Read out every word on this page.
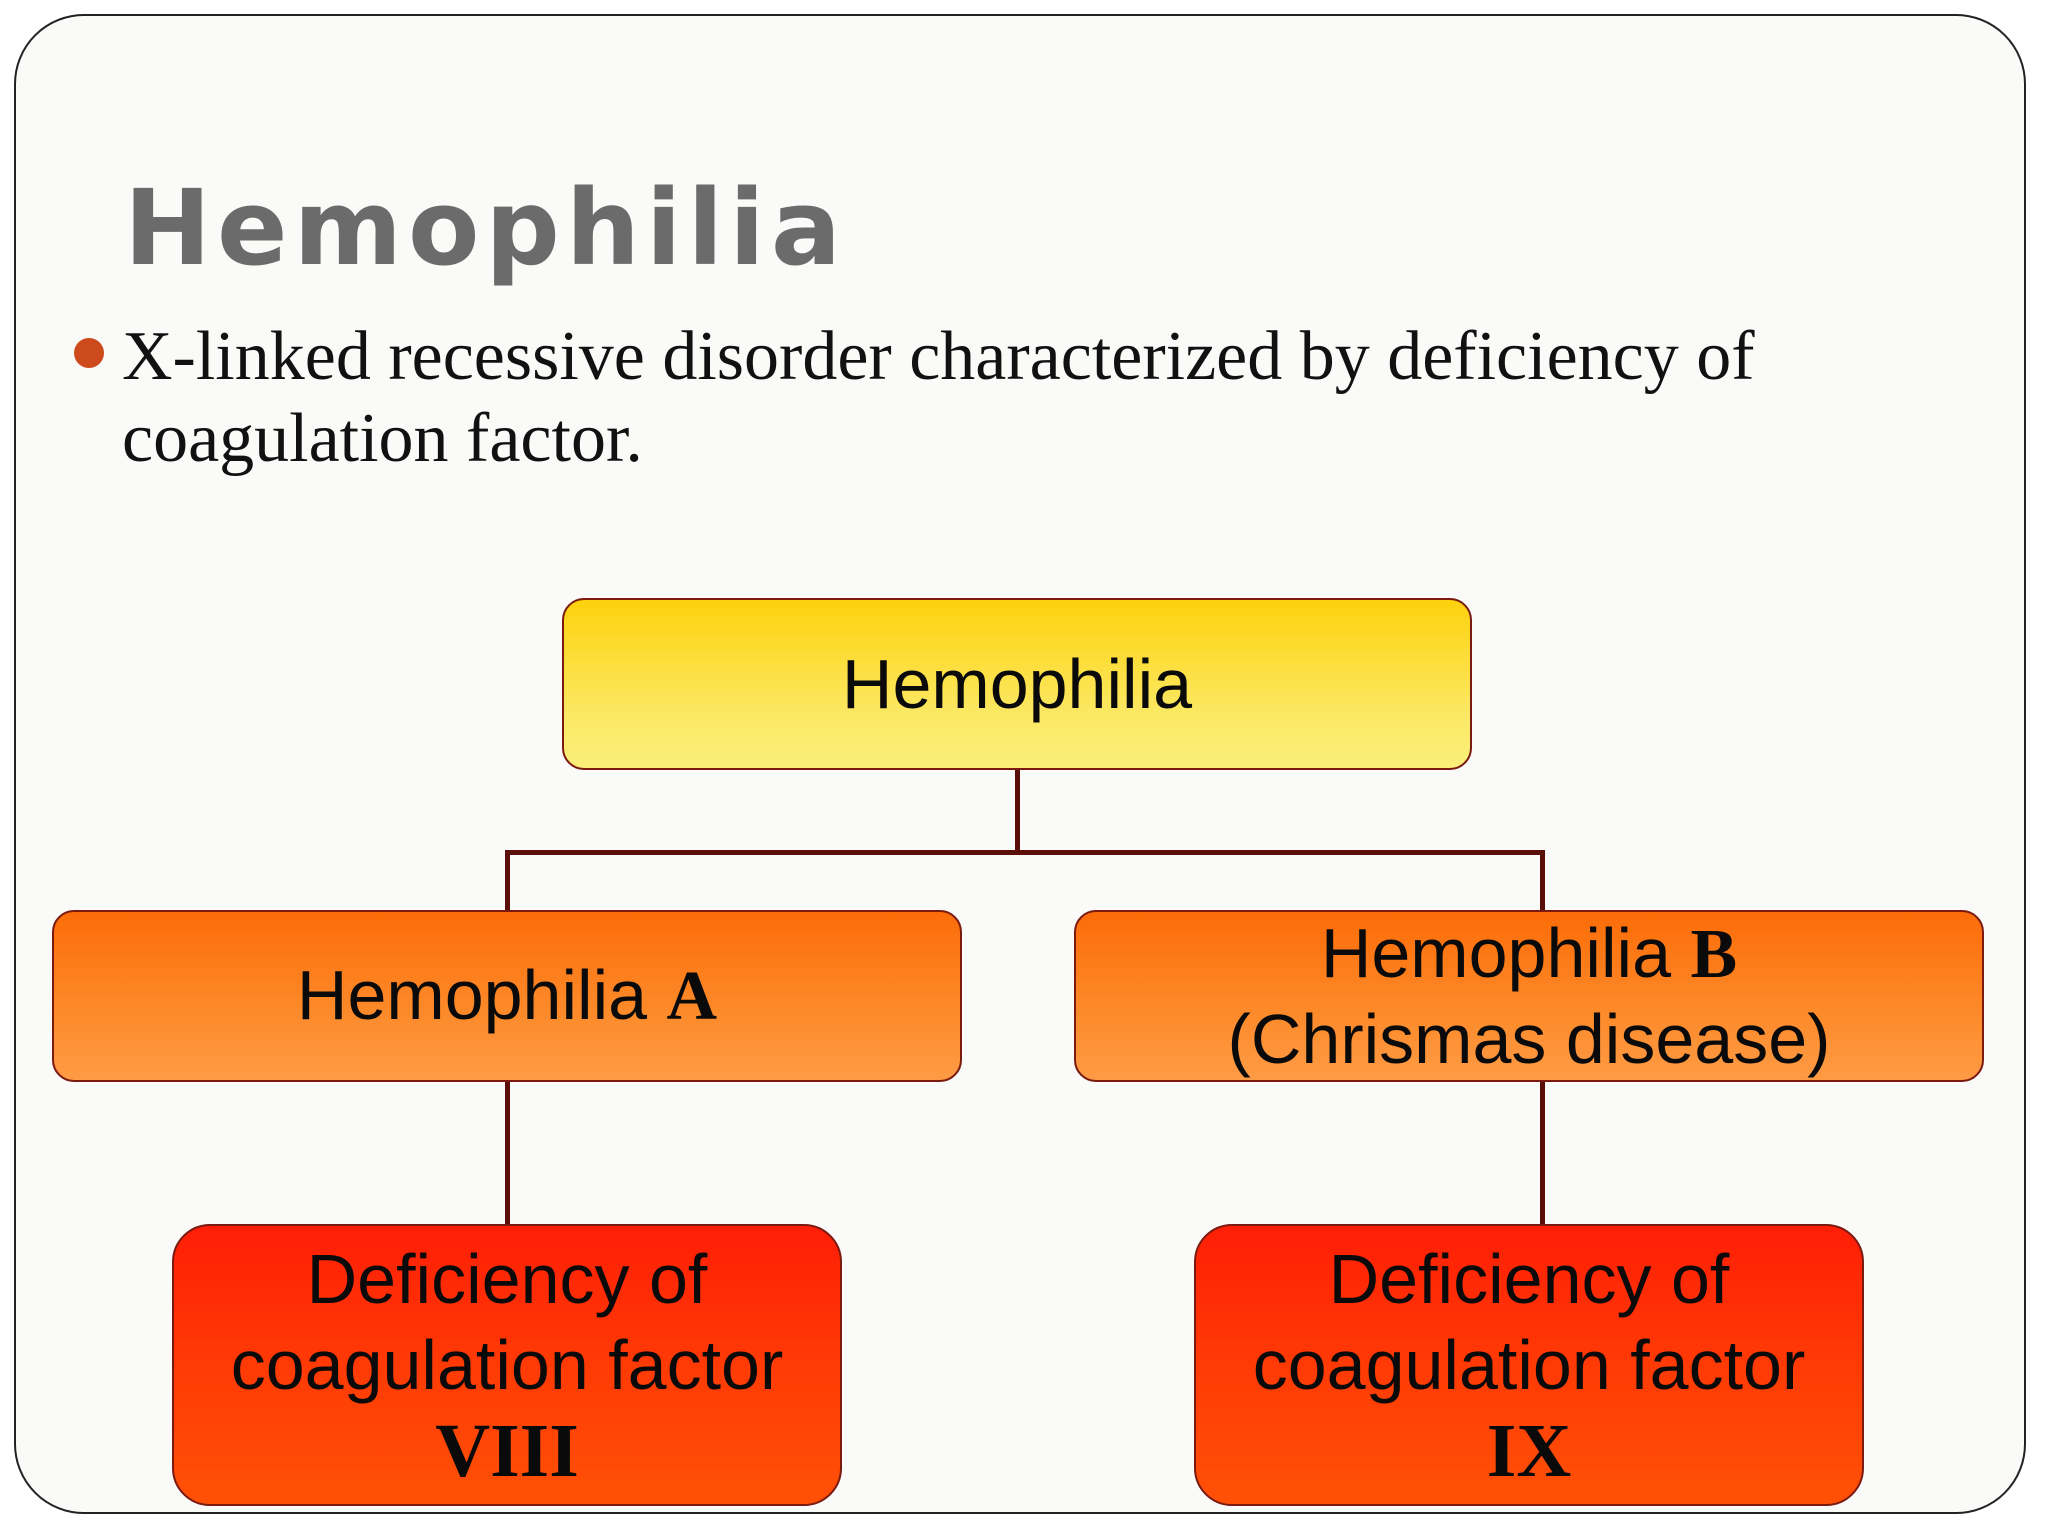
Hemophilia
X-linked recessive disorder characterized by deficiency of coagulation factor.
Hemophilia
Hemophilia A
Hemophilia B
(Chrismas disease)
Deficiency of
coagulation factor
VIII
Deficiency of
coagulation factor
IX
